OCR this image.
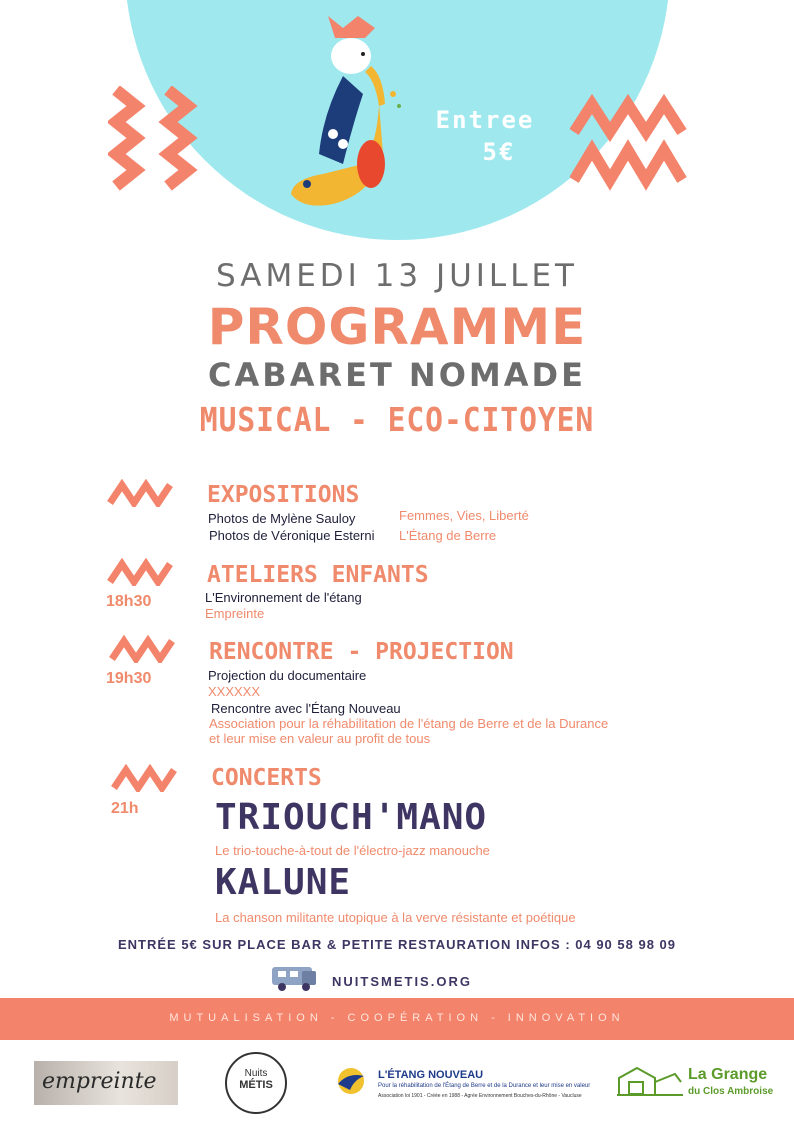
Entree
5€
SAMEDI 13 JUILLET
PROGRAMME
CABARET NOMADE
MUSICAL - ECO-CITOYEN
EXPOSITIONS
Photos de Mylène Sauloy	Femmes, Vies, Liberté
Photos de Véronique Esterni L'Étang de Berre
ATELIERS ENFANTS
18h30	L'Environnement de l'étang
Empreinte
RENCONTRE - PROJECTION
19h30	Projection du documentaire
XXXXXX
Rencontre avec l'Étang Nouveau
Association pour la réhabilitation de l'étang de Berre et de la Durance
et leur mise en valeur au profit de tous
CONCERTS
21h TRIOUCH'MANO
Le trio-touche-à-tout de l'électro-jazz manouche
KALUNE
La chanson militante utopique à la verve résistante et poétique
ENTRÉE 5€ SUR PLACE BAR & PETITE RESTAURATION INFOS : 04 90 58 98 09
NUITSMETIS.ORG
MUTUALISATION - COOPÉRATION - INNOVATION
empreinte	Nuits
MÉTIS
L'ÉTANG NOUVEAU
Pour la réhabilitation de l'Étang de Berre et de la Durance et leur mise en valeur
Association loi 1901 - Créée en 1988 - Agrée Environnement Bouches-du-Rhône - Vaucluse
La Grange
du Clos Ambroise
